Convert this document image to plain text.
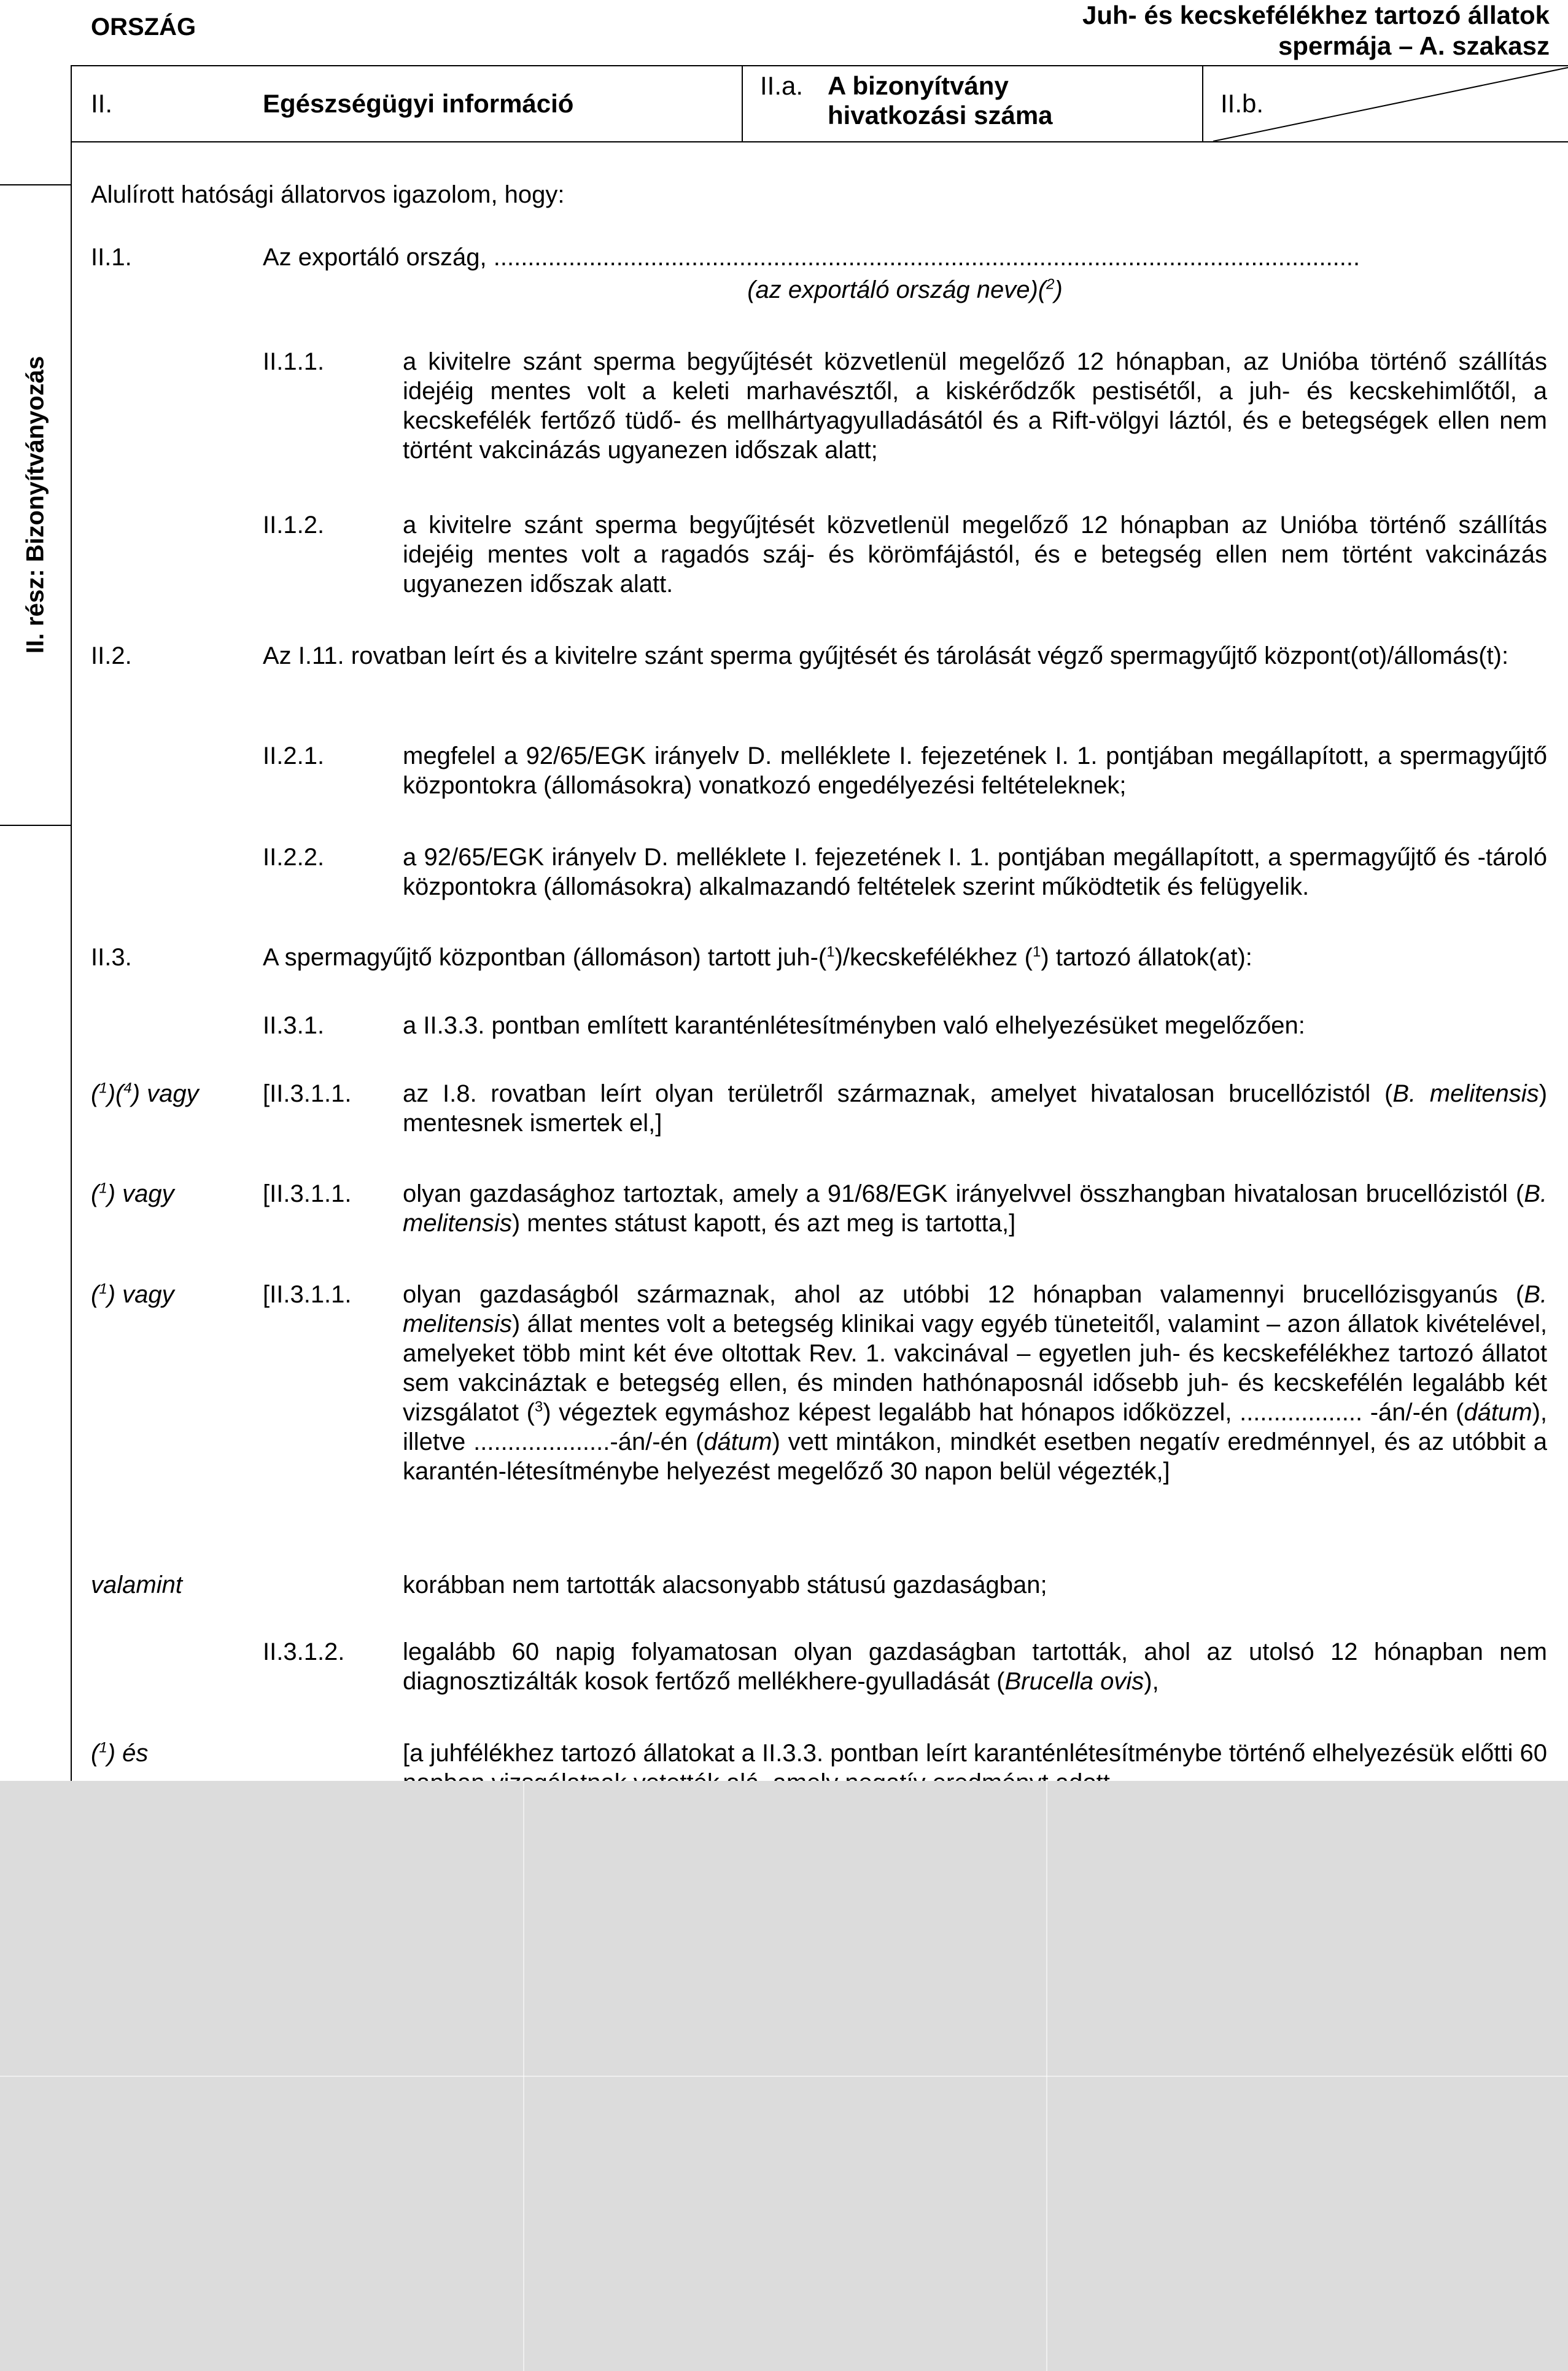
ORSZÁG	Juh- és kecskefélékhez tartozó állatok
spermája – A. szakasz
II.	Egészségügyi információ
II.a. A bizonyítvány
hivatkozási száma	II.b.
II. rész: Bizonyítványozás
Alulírott hatósági állatorvos igazolom, hogy:
II.1.	Az exportáló ország, ...............................................................................................................................
(az exportáló ország neve)($^2$)
II.1.1.	a kivitelre szánt sperma begyűjtését közvetlenül megelőző 12 hónapban, az Unióba történő szállítás idejéig mentes volt a keleti marhavésztől, a kiskérődzők pestisétől, a juh- és kecskehimlőtől, a kecskefélék fertőző tüdő- és mellhártyagyulladásától és a Rift-völgyi láztól, és e betegségek ellen nem történt vakcinázás ugyanezen időszak alatt;
II.1.2.	a kivitelre szánt sperma begyűjtését közvetlenül megelőző 12 hónapban az Unióba történő szállítás idejéig mentes volt a ragadós száj- és körömfájástól, és e betegség ellen nem történt vakcinázás ugyanezen időszak alatt.
II.2.	Az I.11. rovatban leírt és a kivitelre szánt sperma gyűjtését és tárolását végző spermagyűjtő központ(ot)/állomás(t):
II.2.1.	megfelel a 92/65/EGK irányelv D. melléklete I. fejezetének I. 1. pontjában megállapított, a spermagyűjtő központokra (állomásokra) vonatkozó engedélyezési feltételeknek;
II.2.2.	a 92/65/EGK irányelv D. melléklete I. fejezetének I. 1. pontjában megállapított, a spermagyűjtő és -tároló központokra (állomásokra) alkalmazandó feltételek szerint működtetik és felügyelik.
II.3.	A spermagyűjtő központban (állomáson) tartott juh-($^1$)/kecskefélékhez ($^1$) tartozó állatok(at):
II.3.1.	a II.3.3. pontban említett karanténlétesítményben való elhelyezésüket megelőzően:
($^1$)($^4$) vagy	[II.3.1.1. az I.8. rovatban leírt olyan területről származnak, amelyet hivatalosan brucellózistól (B. melitensis) mentesnek ismertek el,]
($^1$) vagy	[II.3.1.1. olyan gazdasághoz tartoztak, amely a 91/68/EGK irányelvvel összhangban hivatalosan brucellózistól (B. melitensis) mentes státust kapott, és azt meg is tartotta,]
($^1$) vagy	[II.3.1.1. olyan gazdaságból származnak, ahol az utóbbi 12 hónapban valamennyi brucellózisgyanús (B. melitensis) állat mentes volt a betegség klinikai vagy egyéb tüneteitől, valamint – azon állatok kivételével, amelyeket több mint két éve oltottak Rev. 1. vakcinával – egyetlen juh- és kecskefélékhez tartozó állatot sem vakcináztak e betegség ellen, és minden hathónaposnál idősebb juh- és kecskefélén legalább két vizsgálatot ($^3$) végeztek egymáshoz képest legalább hat hónapos időközzel, .................. -án/-én (dátum), illetve ....................-án/-én (dátum) vett mintákon, mindkét esetben negatív eredménnyel, és az utóbbit a karantén-létesítménybe helyezést megelőző 30 napon belül végezték,]
valamint	korábban nem tartották alacsonyabb státusú gazdaságban;
II.3.1.2. legalább 60 napig folyamatosan olyan gazdaságban tartották, ahol az utolsó 12 hónapban nem diagnosztizálták kosok fertőző mellékhere-gyulladását (Brucella ovis),
($^1$) és	[a juhfélékhez tartozó állatokat a II.3.3. pontban leírt karanténlétesítménybe történő elhelyezésük előtti 60
